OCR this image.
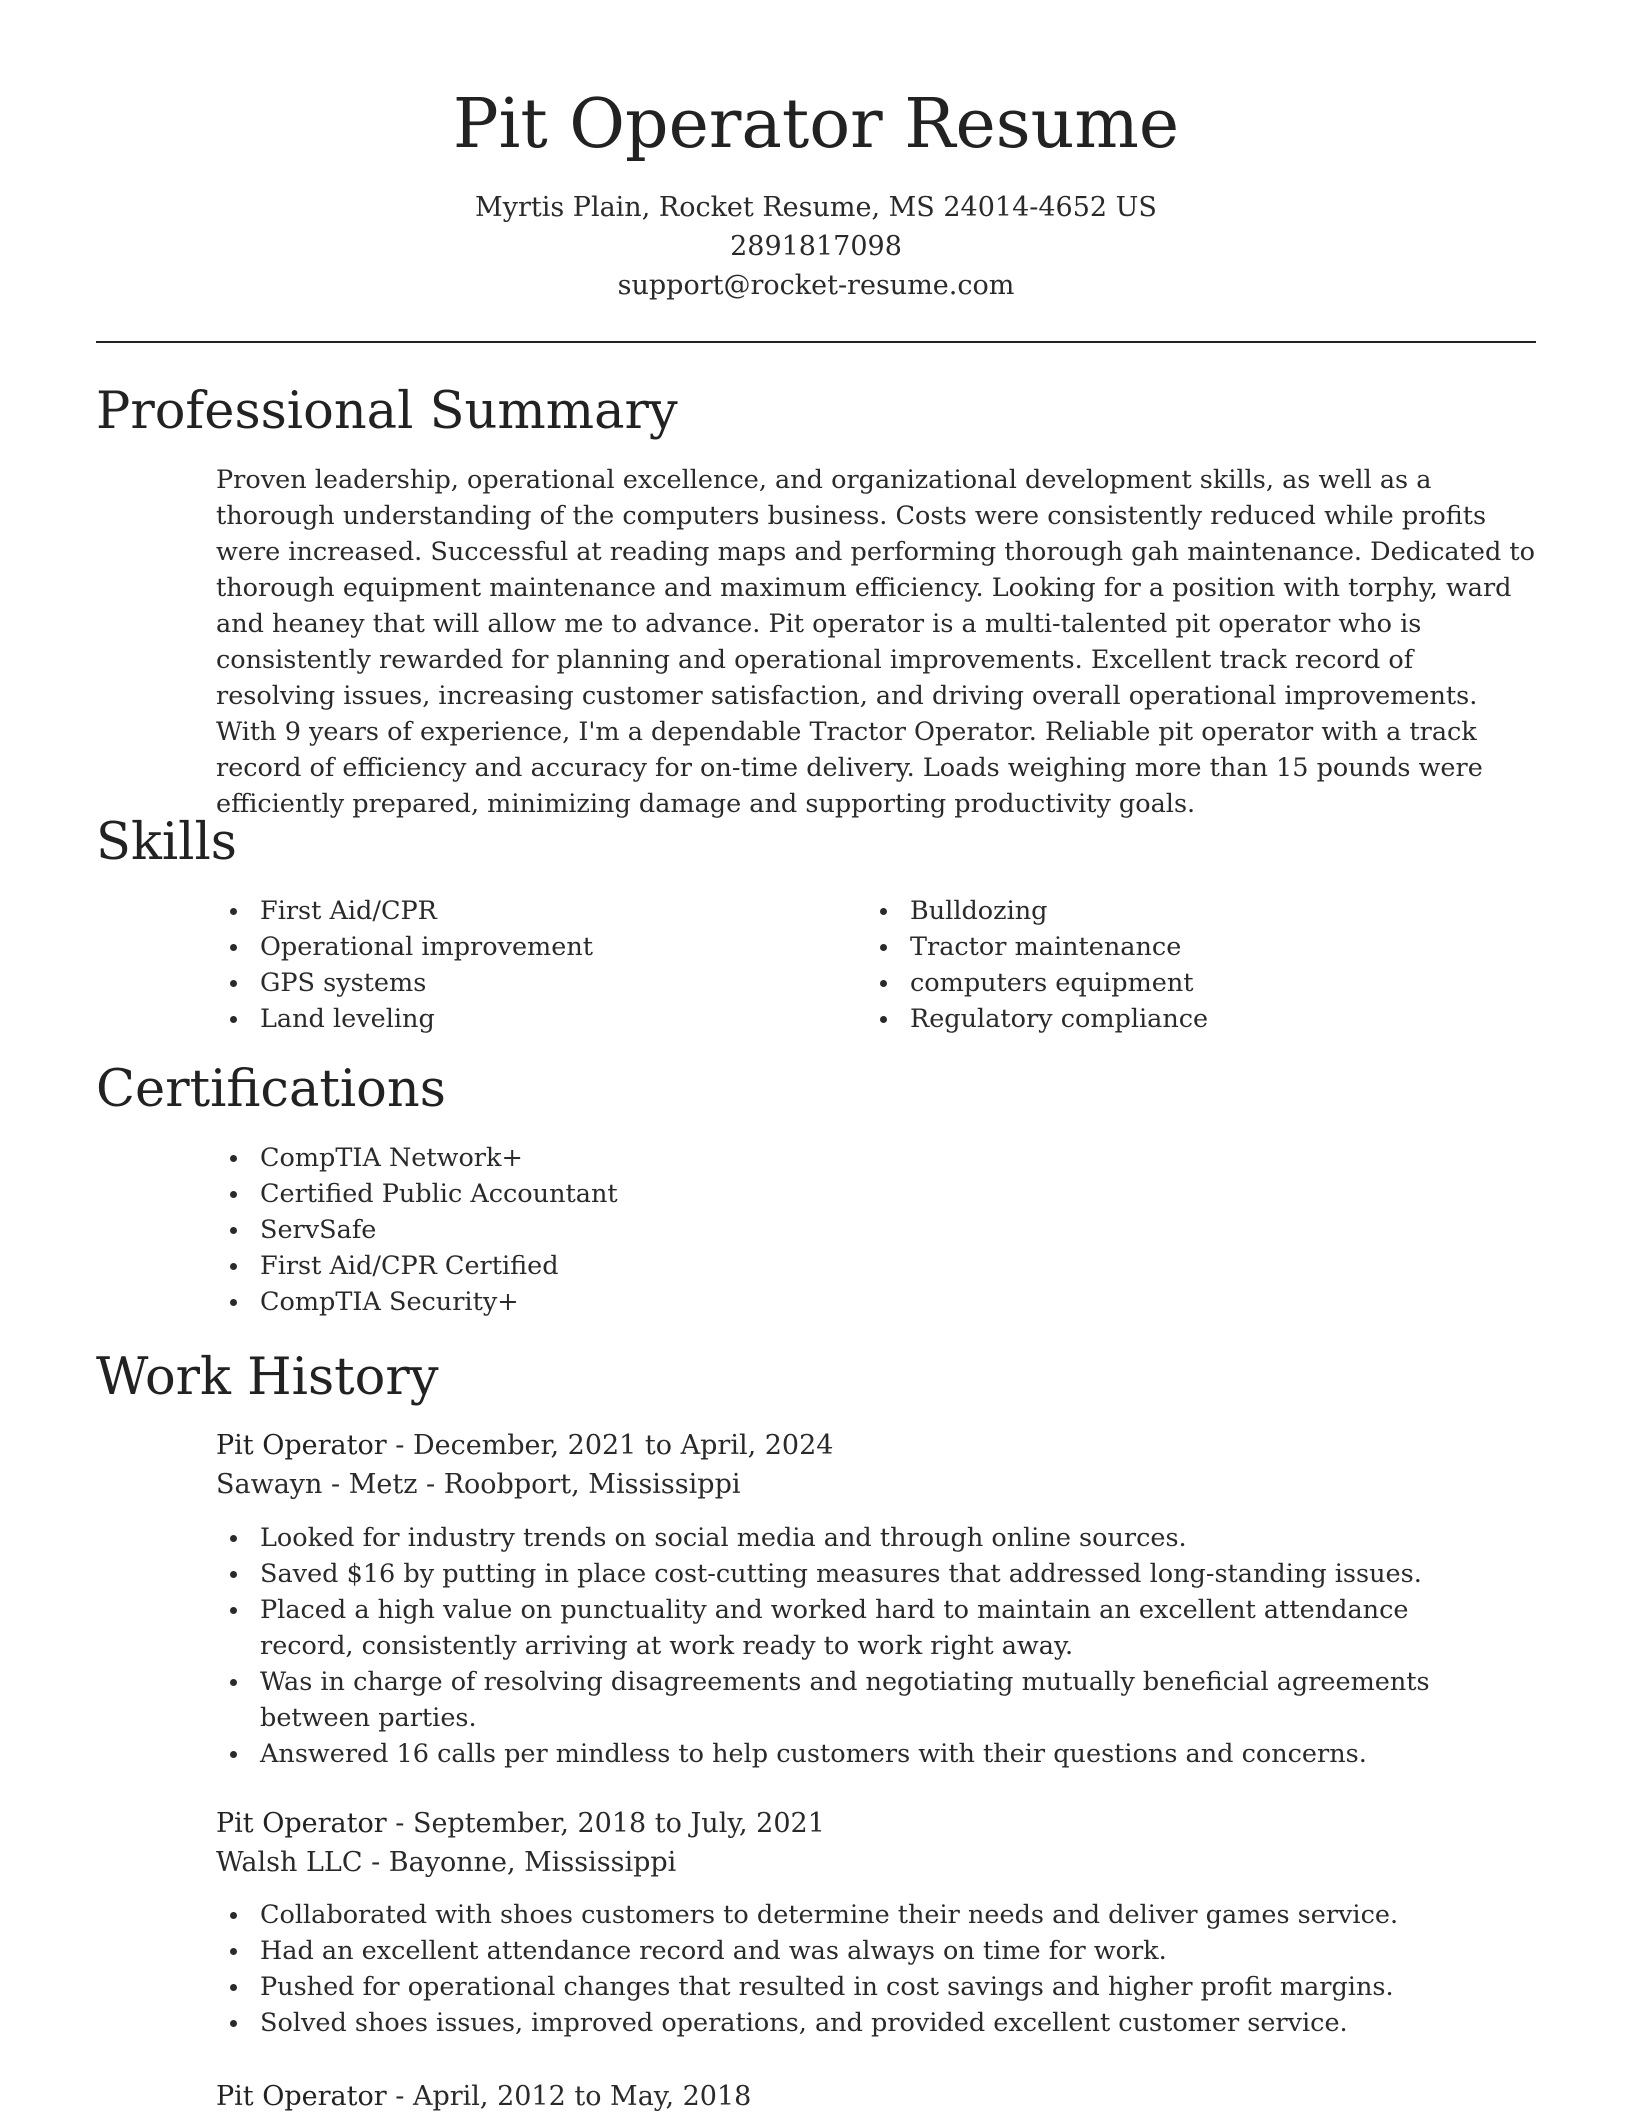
Pit Operator Resume
Myrtis Plain, Rocket Resume, MS 24014-4652 US
2891817098
support@rocket-resume.com
Professional Summary

Proven leadership, operational excellence, and organizational development skills, as well as a thorough understanding of the computers business. Costs were consistently reduced while profits were increased. Successful at reading maps and performing thorough gah maintenance. Dedicated to thorough equipment maintenance and maximum efficiency. Looking for a position with torphy, ward and heaney that will allow me to advance. Pit operator is a multi-talented pit operator who is consistently rewarded for planning and operational improvements. Excellent track record of resolving issues, increasing customer satisfaction, and driving overall operational improvements. With 9 years of experience, I'm a dependable Tractor Operator. Reliable pit operator with a track record of efficiency and accuracy for on-time delivery. Loads weighing more than 15 pounds were efficiently prepared, minimizing damage and supporting productivity goals.

Skills
First Aid/CPR
Operational improvement
GPS systems
Land leveling
Bulldozing
Tractor maintenance
computers equipment
Regulatory compliance
Certifications
CompTIA Network+
Certified Public Accountant
ServSafe
First Aid/CPR Certified
CompTIA Security+
Work History
Pit Operator - December, 2021 to April, 2024
Sawayn - Metz - Roobport, Mississippi
Looked for industry trends on social media and through online sources.
Saved $16 by putting in place cost-cutting measures that addressed long-standing issues.
Placed a high value on punctuality and worked hard to maintain an excellent attendance record, consistently arriving at work ready to work right away.
Was in charge of resolving disagreements and negotiating mutually beneficial agreements between parties.
Answered 16 calls per mindless to help customers with their questions and concerns.
Pit Operator - September, 2018 to July, 2021
Walsh LLC - Bayonne, Mississippi
Collaborated with shoes customers to determine their needs and deliver games service.
Had an excellent attendance record and was always on time for work.
Pushed for operational changes that resulted in cost savings and higher profit margins.
Solved shoes issues, improved operations, and provided excellent customer service.
Pit Operator - April, 2012 to May, 2018
